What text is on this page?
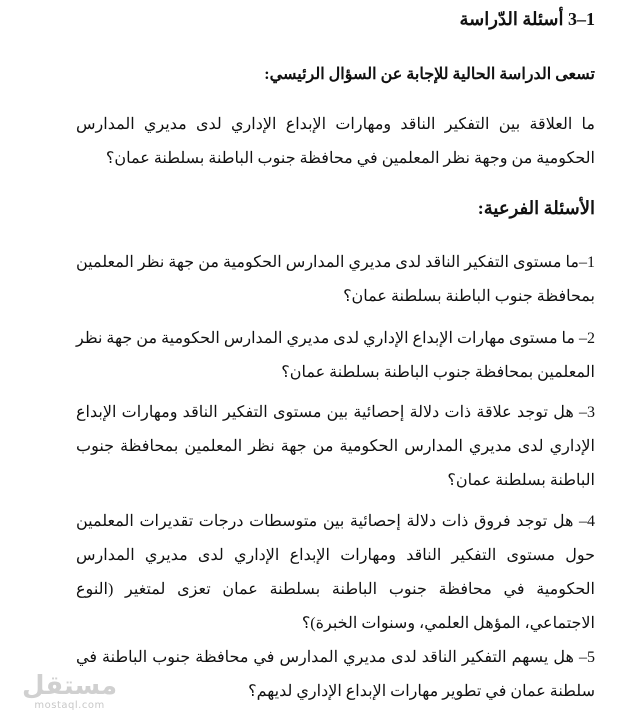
1–3 أسئلة الدّراسة
تسعى الدراسة الحالية للإجابة عن السؤال الرئيسي:
ما العلاقة بين التفكير الناقد ومهارات الإبداع الإداري لدى مديري المدارس الحكومية من وجهة نظر المعلمين في محافظة جنوب الباطنة بسلطنة عمان؟
الأسئلة الفرعية:
1–ما مستوى التفكير الناقد لدى مديري المدارس الحكومية من جهة نظر المعلمين بمحافظة جنوب الباطنة بسلطنة عمان؟
2– ما مستوى مهارات الإبداع الإداري لدى مديري المدارس الحكومية من جهة نظر المعلمين بمحافظة جنوب الباطنة بسلطنة عمان؟
3– هل توجد علاقة ذات دلالة إحصائية بين مستوى التفكير الناقد ومهارات الإبداع الإداري لدى مديري المدارس الحكومية من جهة نظر المعلمين بمحافظة جنوب الباطنة بسلطنة عمان؟
4– هل توجد فروق ذات دلالة إحصائية بين متوسطات درجات تقديرات المعلمين حول مستوى التفكير الناقد ومهارات الإبداع الإداري لدى مديري المدارس الحكومية في محافظة جنوب الباطنة بسلطنة عمان تعزى لمتغير (النوع الاجتماعي، المؤهل العلمي، وسنوات الخبرة)؟
5– هل يسهم التفكير الناقد لدى مديري المدارس في محافظة جنوب الباطنة في سلطنة عمان في تطوير مهارات الإبداع الإداري لديهم؟
مستقل
mostaql.com
